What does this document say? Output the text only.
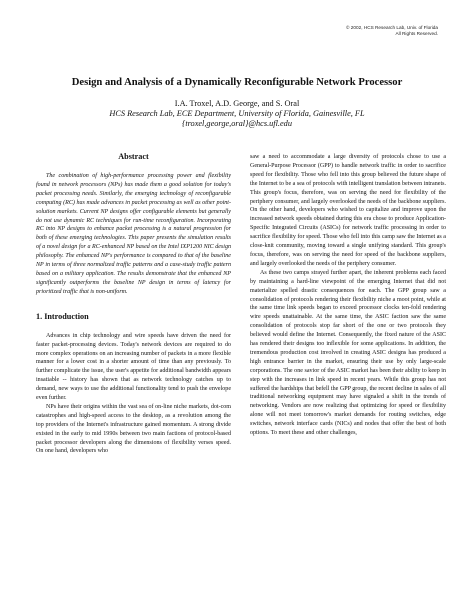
© 2002, HCS Research Lab, Univ. of Florida
All Rights Reserved.
Design and Analysis of a Dynamically Reconfigurable Network Processor
I.A. Troxel, A.D. George, and S. Oral
HCS Research Lab, ECE Department, University of Florida, Gainesville, FL
{troxel,george,oral}@hcs.ufl.edu
Abstract

The combination of high-performance processing power and flexibility found in network processors (NPs) has made them a good solution for today's packet processing needs. Similarly, the emerging technology of reconfigurable computing (RC) has made advances in packet processing as well as other point-solution markets. Current NP designs offer configurable elements but generally do not use dynamic RC techniques for run-time reconfiguration. Incorporating RC into NP designs to enhance packet processing is a natural progression for both of these emerging technologies. This paper presents the simulation results of a novel design for a RC-enhanced NP based on the Intel IXP1200 NIC design philosophy. The enhanced NP's performance is compared to that of the baseline NP in terms of three normalized traffic patterns and a case-study traffic pattern based on a military application. The results demonstrate that the enhanced NP significantly outperforms the baseline NP design in terms of latency for prioritized traffic that is non-uniform.

1. Introduction

Advances in chip technology and wire speeds have driven the need for faster packet-processing devices. Today's network devices are required to do more complex operations on an increasing number of packets in a more flexible manner for a lower cost in a shorter amount of time than any previously. To further complicate the issue, the user's appetite for additional bandwidth appears insatiable -- history has shown that as network technology catches up to demand, new ways to use the additional functionality tend to push the envelope even further.

NPs have their origins within the vast sea of on-line niche markets, dot-com catastrophes and high-speed access to the desktop, as a revolution among the top providers of the Internet's infrastructure gained momentum. A strong divide existed in the early to mid 1990s between two main factions of protocol-based packet processor developers along the dimensions of flexibility verses speed. On one hand, developers who

saw a need to accommodate a large diversity of protocols chose to use a General-Purpose Processor (GPP) to handle network traffic in order to sacrifice speed for flexibility. Those who fell into this group believed the future shape of the Internet to be a sea of protocols with intelligent translation between intranets. This group's focus, therefore, was on serving the need for flexibility of the periphery consumer, and largely overlooked the needs of the backbone suppliers. On the other hand, developers who wished to capitalize and improve upon the increased network speeds obtained during this era chose to produce Application-Specific Integrated Circuits (ASICs) for network traffic processing in order to sacrifice flexibility for speed. Those who fell into this camp saw the Internet as a close-knit community, moving toward a single unifying standard. This group's focus, therefore, was on serving the need for speed of the backbone suppliers, and largely overlooked the needs of the periphery consumer.

As these two camps strayed further apart, the inherent problems each faced by maintaining a hard-line viewpoint of the emerging Internet that did not materialize spelled drastic consequences for each. The GPP group saw a consolidation of protocols rendering their flexibility niche a moot point, while at the same time link speeds began to exceed processor clocks ten-fold rendering wire speeds unattainable. At the same time, the ASIC faction saw the same consolidation of protocols stop far short of the one or two protocols they believed would define the Internet. Consequently, the fixed nature of the ASIC has rendered their designs too inflexible for some applications. In addition, the tremendous production cost involved in creating ASIC designs has produced a high entrance barrier in the market, ensuring their use by only large-scale corporations. The one savior of the ASIC market has been their ability to keep in step with the increases in link speed in recent years. While this group has not suffered the hardships that befell the GPP group, the recent decline in sales of all traditional networking equipment may have signaled a shift in the trends of networking. Vendors are now realizing that optimizing for speed or flexibility alone will not meet tomorrow's market demands for routing switches, edge switches, network interface cards (NICs) and nodes that offer the best of both options. To meet these and other challenges,
